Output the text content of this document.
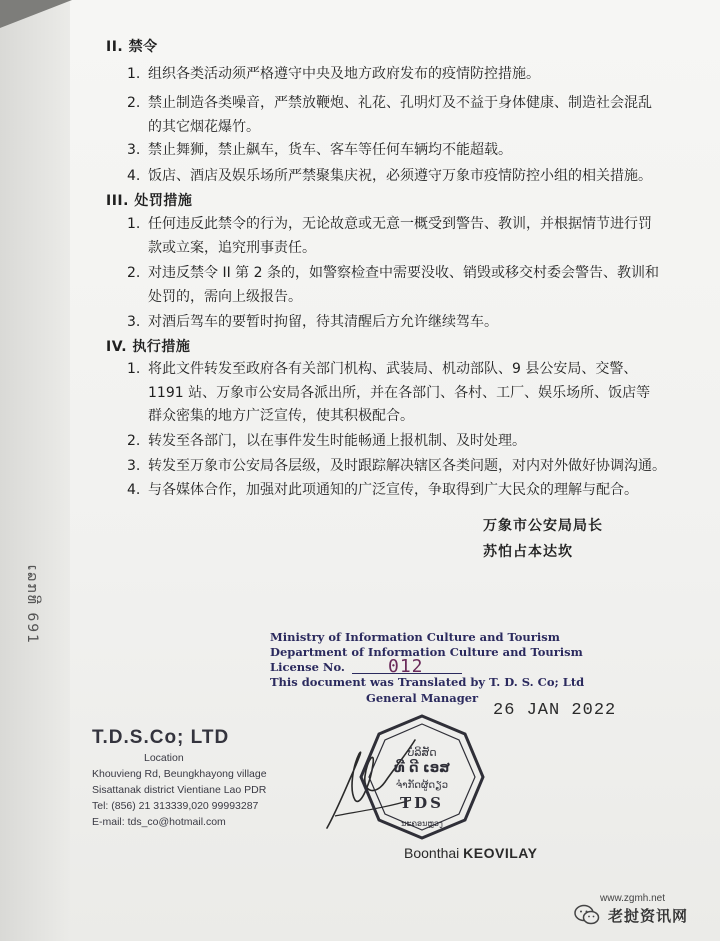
II. 禁令
1. 组织各类活动须严格遵守中央及地方政府发布的疫情防控措施。
2. 禁止制造各类噪音，严禁放鞭炮、礼花、孔明灯及不益于身体健康、制造社会混乱
的其它烟花爆竹。
3. 禁止舞狮，禁止飙车，货车、客车等任何车辆均不能超载。
4. 饭店、酒店及娱乐场所严禁聚集庆祝，必须遵守万象市疫情防控小组的相关措施。
III. 处罚措施
1. 任何违反此禁令的行为，无论故意或无意一概受到警告、教训，并根据情节进行罚
款或立案，追究刑事责任。
2. 对违反禁令 II 第 2 条的，如警察检查中需要没收、销毁或移交村委会警告、教训和
处罚的，需向上级报告。
3. 对酒后驾车的要暂时拘留，待其清醒后方允许继续驾车。
IV. 执行措施
1. 将此文件转发至政府各有关部门机构、武装局、机动部队、9 县公安局、交警、
1191 站、万象市公安局各派出所，并在各部门、各村、工厂、娱乐场所、饭店等
群众密集的地方广泛宣传，使其积极配合。
2. 转发至各部门，以在事件发生时能畅通上报机制、及时处理。
3. 转发至万象市公安局各层级，及时跟踪解决辖区各类问题，对内对外做好协调沟通。
4. 与各媒体合作，加强对此项通知的广泛宣传，争取得到广大民众的理解与配合。
万象市公安局局长
苏怕占本达坎
ເລກທີ 691	Ministry of Information Culture and Tourism
Department of Information Culture and Tourism
License No. 012
This document was Translated by T. D. S. Co; Ltd
General Manager
26 JAN 2022
T.D.S.Co; LTD
Location
Khouvieng Rd, Beungkhayong village
Sisattanak district Vientiane Lao PDR
Tel: (856) 21 313339,020 99993287
E-mail: tds_co@hotmail.com
ບໍລິສັດ
ທີ ດີ ເອສ
ຈຳກັດຜູ້ດຽວ
TDS
ນະຄອນຫຼວງ
Boonthai KEOVILAY
www.zgmh.net
老挝资讯网
